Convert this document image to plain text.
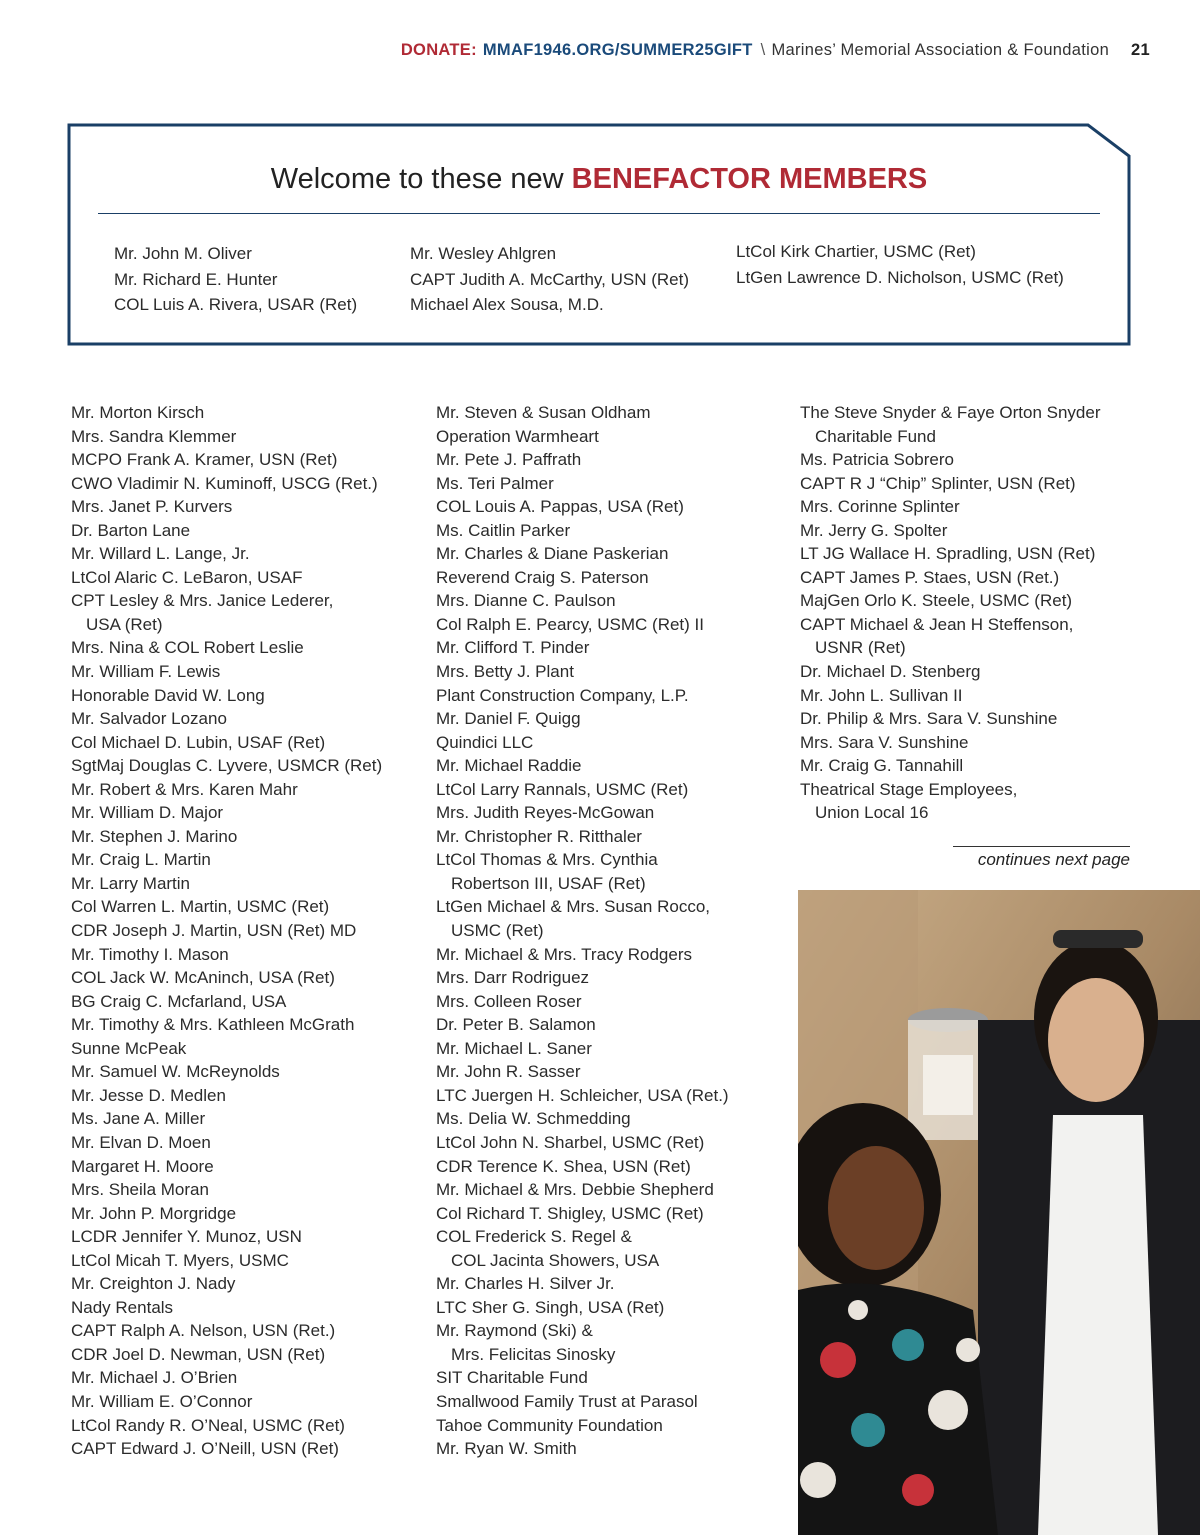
DONATE: MMAF1946.ORG/SUMMER25GIFT \ Marines’ Memorial Association & Foundation 21
Welcome to these new BENEFACTOR MEMBERS
Mr. John M. Oliver
Mr. Richard E. Hunter
COL Luis A. Rivera, USAR (Ret)
Mr. Wesley Ahlgren
CAPT Judith A. McCarthy, USN (Ret)
Michael Alex Sousa, M.D.
LtCol Kirk Chartier, USMC (Ret)
LtGen Lawrence D. Nicholson, USMC (Ret)
Mr. Morton Kirsch
Mrs. Sandra Klemmer
MCPO Frank A. Kramer, USN (Ret)
CWO Vladimir N. Kuminoff, USCG (Ret.)
Mrs. Janet P. Kurvers
Dr. Barton Lane
Mr. Willard L. Lange, Jr.
LtCol Alaric C. LeBaron, USAF
CPT Lesley & Mrs. Janice Lederer,
USA (Ret)
Mrs. Nina & COL Robert Leslie
Mr. William F. Lewis
Honorable David W. Long
Mr. Salvador Lozano
Col Michael D. Lubin, USAF (Ret)
SgtMaj Douglas C. Lyvere, USMCR (Ret)
Mr. Robert & Mrs. Karen Mahr
Mr. William D. Major
Mr. Stephen J. Marino
Mr. Craig L. Martin
Mr. Larry Martin
Col Warren L. Martin, USMC (Ret)
CDR Joseph J. Martin, USN (Ret) MD
Mr. Timothy I. Mason
COL Jack W. McAninch, USA (Ret)
BG Craig C. Mcfarland, USA
Mr. Timothy & Mrs. Kathleen McGrath
Sunne McPeak
Mr. Samuel W. McReynolds
Mr. Jesse D. Medlen
Ms. Jane A. Miller
Mr. Elvan D. Moen
Margaret H. Moore
Mrs. Sheila Moran
Mr. John P. Morgridge
LCDR Jennifer Y. Munoz, USN
LtCol Micah T. Myers, USMC
Mr. Creighton J. Nady
Nady Rentals
CAPT Ralph A. Nelson, USN (Ret.)
CDR Joel D. Newman, USN (Ret)
Mr. Michael J. O’Brien
Mr. William E. O’Connor
LtCol Randy R. O’Neal, USMC (Ret)
CAPT Edward J. O’Neill, USN (Ret)
Mr. Steven & Susan Oldham
Operation Warmheart
Mr. Pete J. Paffrath
Ms. Teri Palmer
COL Louis A. Pappas, USA (Ret)
Ms. Caitlin Parker
Mr. Charles & Diane Paskerian
Reverend Craig S. Paterson
Mrs. Dianne C. Paulson
Col Ralph E. Pearcy, USMC (Ret) II
Mr. Clifford T. Pinder
Mrs. Betty J. Plant
Plant Construction Company, L.P.
Mr. Daniel F. Quigg
Quindici LLC
Mr. Michael Raddie
LtCol Larry Rannals, USMC (Ret)
Mrs. Judith Reyes-McGowan
Mr. Christopher R. Ritthaler
LtCol Thomas & Mrs. Cynthia
Robertson III, USAF (Ret)
LtGen Michael & Mrs. Susan Rocco,
USMC (Ret)
Mr. Michael & Mrs. Tracy Rodgers
Mrs. Darr Rodriguez
Mrs. Colleen Roser
Dr. Peter B. Salamon
Mr. Michael L. Saner
Mr. John R. Sasser
LTC Juergen H. Schleicher, USA (Ret.)
Ms. Delia W. Schmedding
LtCol John N. Sharbel, USMC (Ret)
CDR Terence K. Shea, USN (Ret)
Mr. Michael & Mrs. Debbie Shepherd
Col Richard T. Shigley, USMC (Ret)
COL Frederick S. Regel &
COL Jacinta Showers, USA
Mr. Charles H. Silver Jr.
LTC Sher G. Singh, USA (Ret)
Mr. Raymond (Ski) &
Mrs. Felicitas Sinosky
SIT Charitable Fund
Smallwood Family Trust at Parasol
Tahoe Community Foundation
Mr. Ryan W. Smith
The Steve Snyder & Faye Orton Snyder
Charitable Fund
Ms. Patricia Sobrero
CAPT R J “Chip” Splinter, USN (Ret)
Mrs. Corinne Splinter
Mr. Jerry G. Spolter
LT JG Wallace H. Spradling, USN (Ret)
CAPT James P. Staes, USN (Ret.)
MajGen Orlo K. Steele, USMC (Ret)
CAPT Michael & Jean H Steffenson,
USNR (Ret)
Dr. Michael D. Stenberg
Mr. John L. Sullivan II
Dr. Philip & Mrs. Sara V. Sunshine
Mrs. Sara V. Sunshine
Mr. Craig G. Tannahill
Theatrical Stage Employees,
Union Local 16
continues next page
